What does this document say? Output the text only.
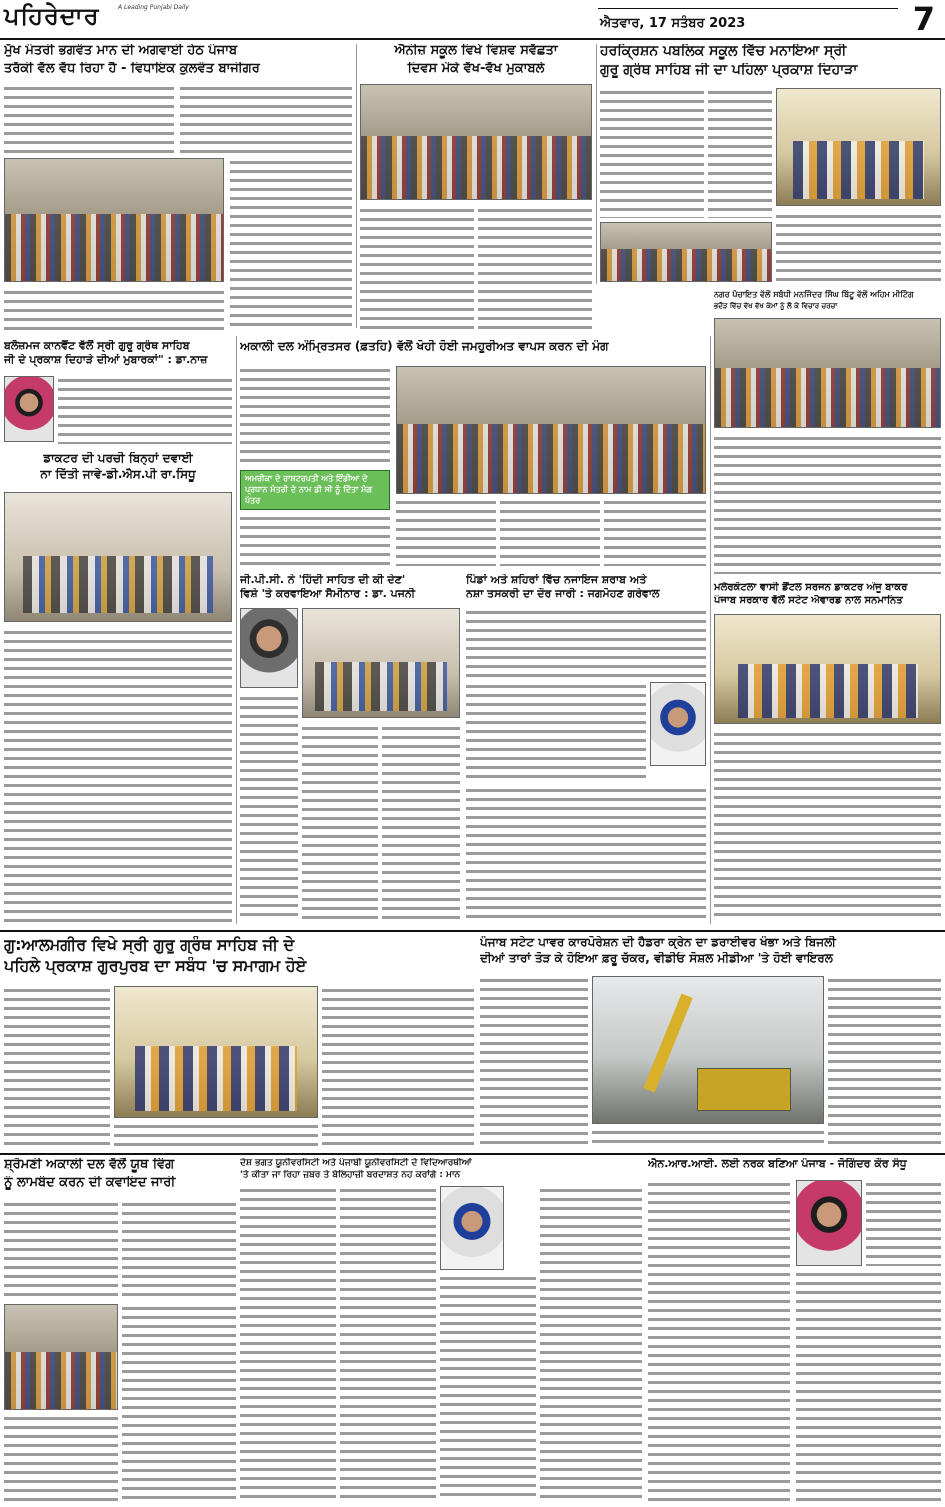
ਪਹਿਰੇਦਾਰ	A Leading Punjabi Daily
ਐਤਵਾਰ, 17 ਸਤੰਬਰ 2023	7
ਮੁੱਖ ਮੰਤਰੀ ਭਗਵੰਤ ਮਾਨ ਦੀ ਅਗਵਾਈ ਹੇਠ ਪੰਜਾਬ
ਤਰੱਕੀ ਵੱਲ ਵੱਧ ਰਿਹਾ ਹੈ - ਵਿਧਾਇਕ ਕੁਲਵੰਤ ਬਾਜੀਗਰ
ਐਨੀਜ਼ ਸਕੂਲ ਵਿਖੇ ਵਿਸ਼ਵ ਸਵੱਛਤਾ
ਦਿਵਸ ਮੌਕੇ ਵੱਖ-ਵੱਖ ਮੁਕਾਬਲੇ
ਹਰਕ੍ਰਿਸ਼ਨ ਪਬਲਿਕ ਸਕੂਲ ਵਿੱਚ ਮਨਾਇਆ ਸ੍ਰੀ
ਗੁਰੂ ਗ੍ਰੰਥ ਸਾਹਿਬ ਜੀ ਦਾ ਪਹਿਲਾ ਪ੍ਰਕਾਸ਼ ਦਿਹਾੜਾ
ਬਲੋਜ਼ਮਜ ਕਾਨਵੈਂਟ ਵੱਲੋਂ ਸ੍ਰੀ ਗੁਰੂ ਗ੍ਰੰਥ ਸਾਹਿਬ
ਜੀ ਦੇ ਪ੍ਰਕਾਸ਼ ਦਿਹਾੜੇ ਦੀਆਂ ਮੁਬਾਰਕਾਂ" : ਡਾ.ਨਾਜ਼
ਡਾਕਟਰ ਦੀ ਪਰਚੀ ਬਿਨ੍ਹਾਂ ਦਵਾਈ
ਨਾ ਦਿੱਤੀ ਜਾਵੇ-ਡੀ.ਐਸ.ਪੀ ਰਾ.ਸਿਧੂ
ਅਕਾਲੀ ਦਲ ਅੰਮ੍ਰਿਤਸਰ (ਫ਼ਤਹਿ) ਵੱਲੋਂ ਖੋਹੀ ਹੋਈ ਜਮਹੂਰੀਅਤ ਵਾਪਸ ਕਰਨ ਦੀ ਮੰਗ
ਅਮਰੀਕਾ ਦੇ ਰਾਸ਼ਟਰਪਤੀ ਅਤੇ ਇੰਡੀਆ ਦੇ ਪ੍ਰਧਾਨ ਮੰਤਰੀ ਦੇ ਨਾਮ ਡੀ ਸੀ ਨੂੰ ਦਿੱਤਾ ਮੰਗ ਪੱਤਰ
ਜੀ.ਪੀ.ਸੀ. ਨੇ 'ਹਿੰਦੀ ਸਾਹਿਤ ਦੀ ਕੀ ਦੇਣ'
ਵਿਸ਼ੇ 'ਤੇ ਕਰਵਾਇਆ ਸੈਮੀਨਾਰ : ਡਾ. ਪਜਨੀ
ਪਿੰਡਾਂ ਅਤੇ ਸ਼ਹਿਰਾਂ ਵਿੱਚ ਨਜਾਇਜ ਸ਼ਰਾਬ ਅਤੇ
ਨਸ਼ਾ ਤਸਕਰੀ ਦਾ ਦੌਰ ਜਾਰੀ : ਜਗਮੋਹਣ ਗਰੇਵਾਲ
ਨਗਰ ਪੰਚਾਇਤ ਵੱਲੋਂ ਸਬੰਧੀ ਮਨਜਿੰਦਰ ਸਿੰਘ ਬਿੱਟੂ ਵੱਲੋਂ ਅਹਿਮ ਮੀਟਿੰਗ
ਭਦੌੜ ਵਿੱਚ ਵੱਖ ਵੱਖ ਕੰਮਾਂ ਨੂੰ ਲੈ ਕੇ ਵਿਚਾਰ ਚਰਚਾ
ਮਲੇਰਕੋਟਲਾ ਵਾਸੀ ਡੈਂਟਲ ਸਰਜਨ ਡਾਕਟਰ ਅੰਜੂ ਬਾਕਰ
ਪੰਜਾਬ ਸਰਕਾਰ ਵੱਲੋਂ ਸਟੇਟ ਐਵਾਰਡ ਨਾਲ ਸਨਮਾਨਿਤ
ਗੁ:ਆਲਮਗੀਰ ਵਿਖੇ ਸ੍ਰੀ ਗੁਰੂ ਗ੍ਰੰਥ ਸਾਹਿਬ ਜੀ ਦੇ
ਪਹਿਲੇ ਪ੍ਰਕਾਸ਼ ਗੁਰਪੁਰਬ ਦਾ ਸਬੰਧ 'ਚ ਸਮਾਗਮ ਹੋਏ
ਪੰਜਾਬ ਸਟੇਟ ਪਾਵਰ ਕਾਰਪੋਰੇਸ਼ਨ ਦੀ ਹੈਡਰਾ ਕ੍ਰੇਨ ਦਾ ਡਰਾਈਵਰ ਖੰਭਾ ਅਤੇ ਬਿਜਲੀ
ਦੀਆਂ ਤਾਰਾਂ ਤੋੜ ਕੇ ਹੋਇਆ ਫ਼ਰੂ ਚੱਕਰ, ਵੀਡੀਓ ਸੋਸ਼ਲ ਮੀਡੀਆ 'ਤੇ ਹੋਈ ਵਾਇਰਲ
ਸ਼੍ਰੋਮਣੀ ਅਕਾਲੀ ਦਲ ਵੱਲੋਂ ਯੂਥ ਵਿੰਗ
ਨੂੰ ਲਾਮਬੰਦ ਕਰਨ ਦੀ ਕਵਾਇਦ ਜਾਰੀ
ਦੇਸ਼ ਭਗਤ ਯੂਨੀਵਰਸਿਟੀ ਅਤੇ ਪੰਜਾਬੀ ਯੂਨੀਵਰਸਿਟੀ ਦੇ ਵਿਦਿਆਰਥੀਆਂ
'ਤੇ ਕੀਤਾ ਜਾ ਰਿਹਾ ਜ਼ਬਰ ਤੇ ਬੇਲਿਹਾਜ਼ੀ ਬਰਦਾਸ਼ਤ ਨਹ ਕਰਾਂਗੇ : ਮਾਨ
ਐਨ.ਆਰ.ਆਈ. ਲਈ ਨਰਕ ਬਣਿਆ ਪੰਜਾਬ - ਜੋਗਿੰਦਰ ਕੌਰ ਸੰਧੂ
